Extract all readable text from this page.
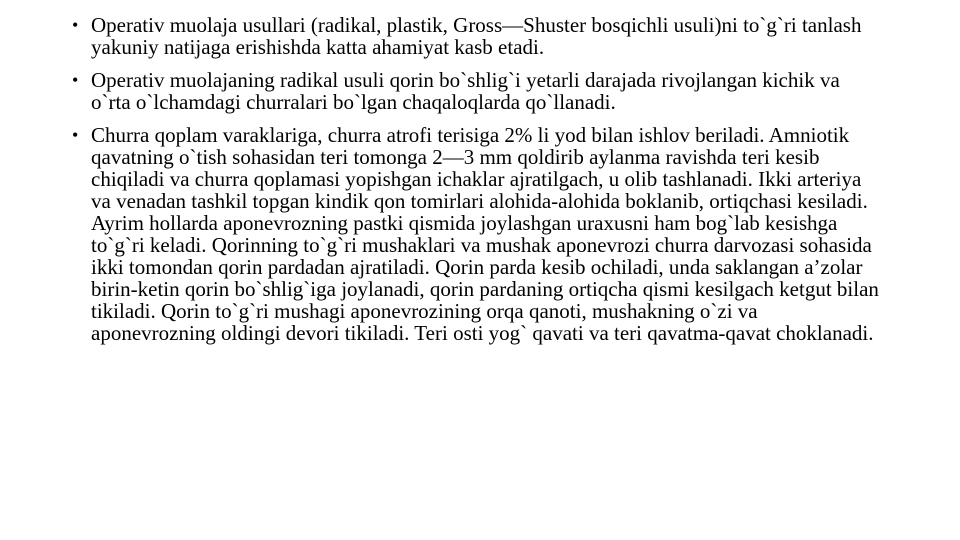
• Operativ muolaja usullari (radikal, plastik, Gross—Shuster bosqichli usuli)ni to`g`ri tanlash yakuniy natijaga erishishda katta ahamiyat kasb etadi.
• Operativ muolajaning radikal usuli qorin bo`shlig`i yetarli darajada rivojlangan kichik va o`rta o`lchamdagi churralari bo`lgan chaqaloqlarda qo`llanadi.
• Churra qoplam varaklariga, churra atrofi terisiga 2% li yod bilan ishlov beriladi. Amniotik qavatning o`tish sohasidan teri tomonga 2—3 mm qoldirib aylanma ravishda teri kesib chiqiladi va churra qoplamasi yopishgan ichaklar ajratilgach, u olib tashlanadi. Ikki arteriya va venadan tashkil topgan kindik qon tomirlari alohida-alohida boklanib, ortiqchasi kesiladi. Ayrim hollarda aponevrozning pastki qismida joylashgan uraxusni ham bog`lab kesishga to`g`ri keladi. Qorinning to`g`ri mushaklari va mushak aponevrozi churra darvozasi sohasida ikki tomondan qorin pardadan ajratiladi. Qorin parda kesib ochiladi, unda saklangan a’zolar birin-ketin qorin bo`shlig`iga joylanadi, qorin pardaning ortiqcha qismi kesilgach ketgut bilan tikiladi. Qorin to`g`ri mushagi aponevrozining orqa qanoti, mushakning o`zi va aponevrozning oldingi devori tikiladi. Teri osti yog` qavati va teri qavatma-qavat choklanadi.
